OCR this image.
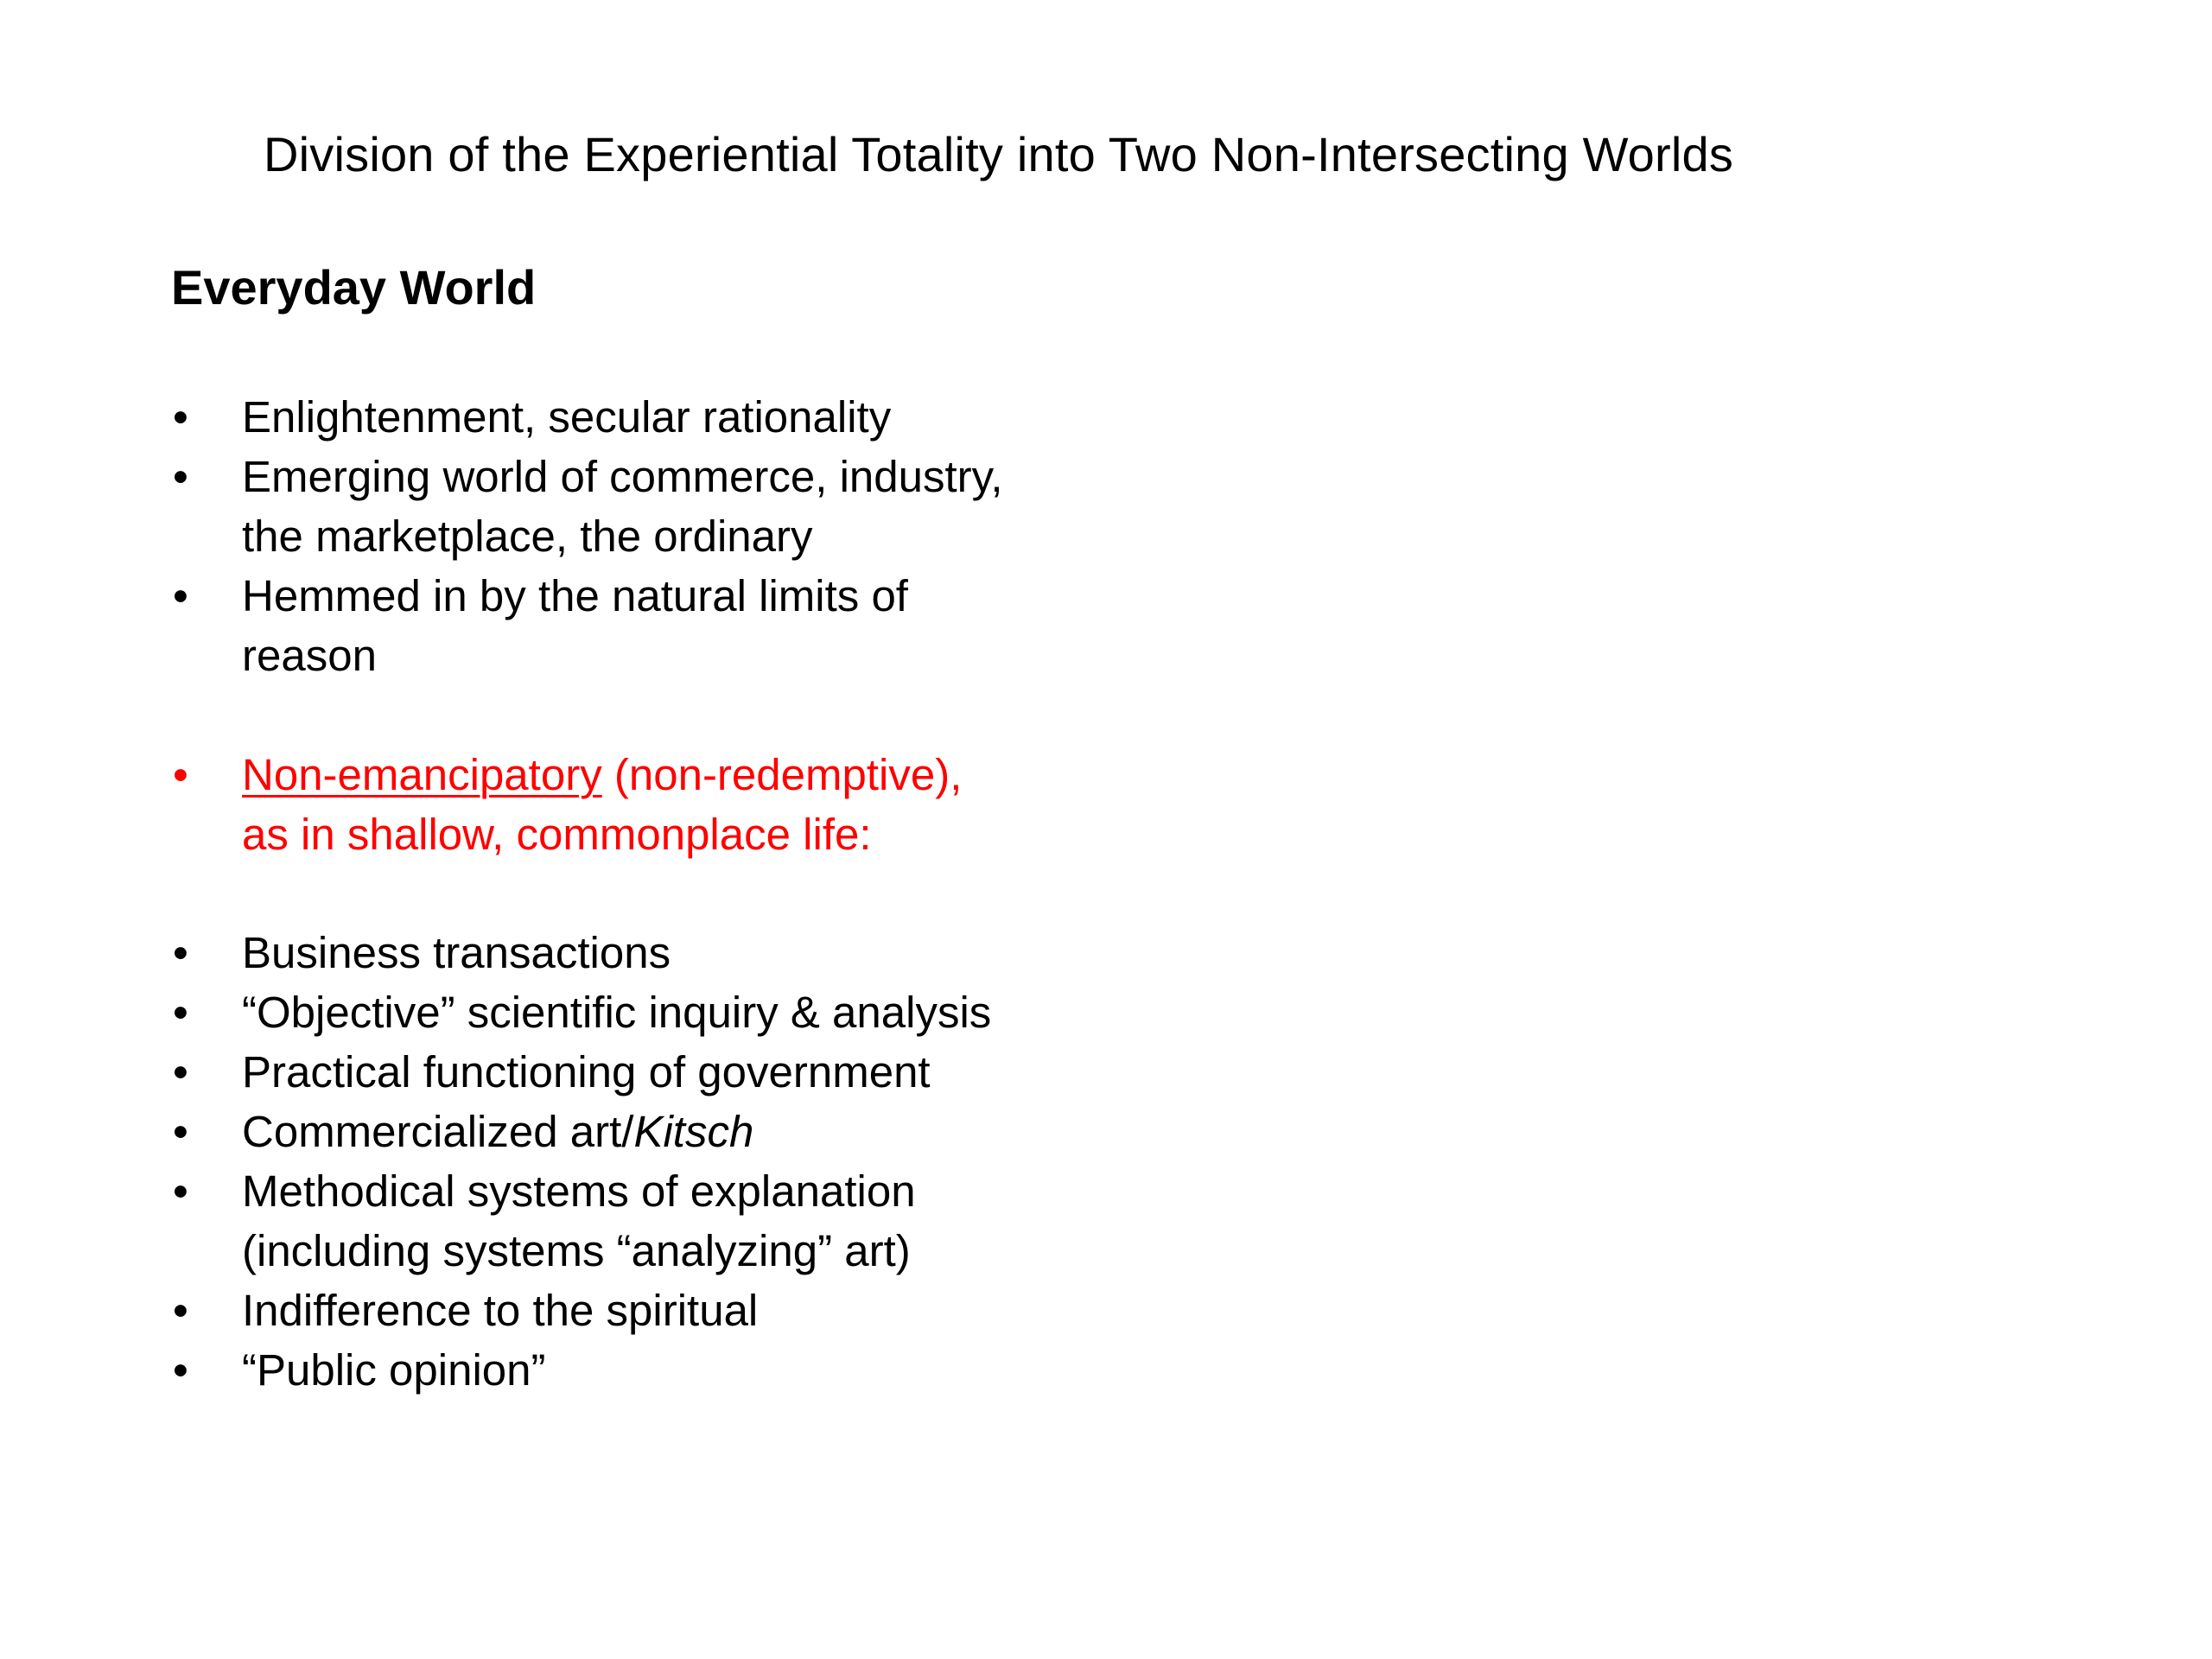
Division of the Experiential Totality into Two Non-Intersecting Worlds
Everyday World
•	Enlightenment, secular rationality
•	Emerging world of commerce, industry,
the marketplace, the ordinary
•	Hemmed in by the natural limits of
reason
•	Non-emancipatory (non-redemptive),
as in shallow, commonplace life:
•	Business transactions
•	“Objective” scientific inquiry & analysis
•	Practical functioning of government
•	Commercialized art/Kitsch
•	Methodical systems of explanation
(including systems “analyzing” art)
•	Indifference to the spiritual
•	“Public opinion”
